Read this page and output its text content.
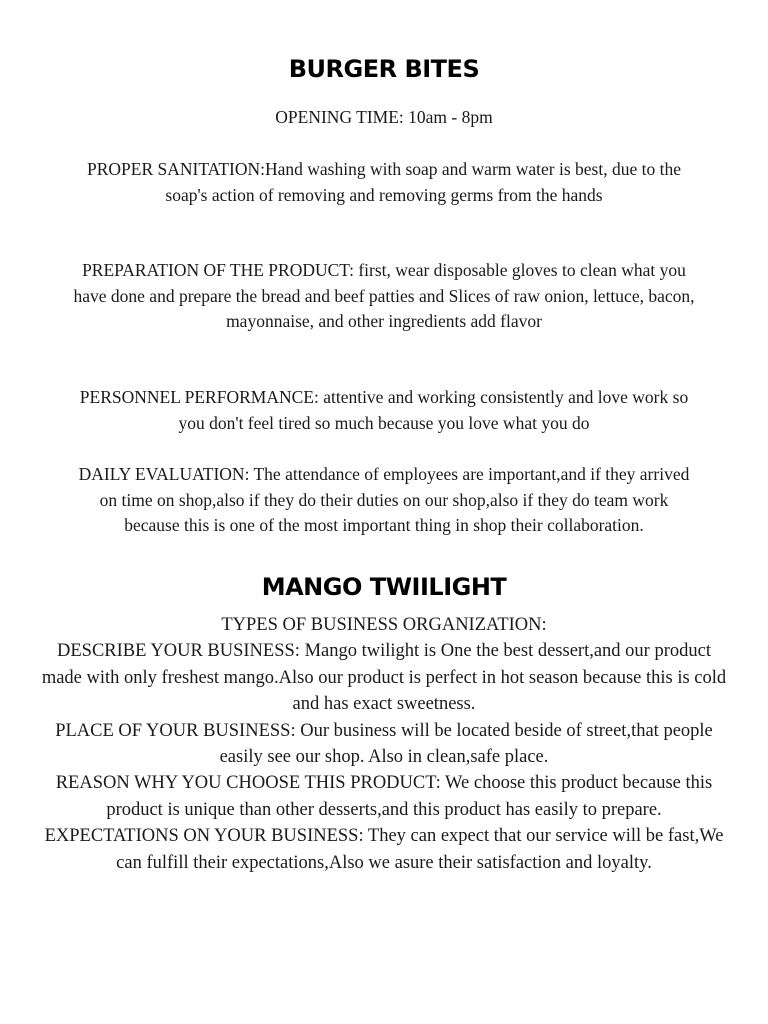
BURGER BITES

OPENING TIME: 10am - 8pm

PROPER SANITATION:Hand washing with soap and warm water is best, due to the soap's action of removing and removing germs from the hands

PREPARATION OF THE PRODUCT: first, wear disposable gloves to clean what you have done and prepare the bread and beef patties and Slices of raw onion, lettuce, bacon, mayonnaise, and other ingredients add flavor

PERSONNEL PERFORMANCE: attentive and working consistently and love work so you don't feel tired so much because you love what you do

DAILY EVALUATION: The attendance of employees are important,and if they arrived on time on shop,also if they do their duties on our shop,also if they do team work because this is one of the most important thing in shop their collaboration.

MANGO TWIILIGHT

TYPES OF BUSINESS ORGANIZATION:

DESCRIBE YOUR BUSINESS: Mango twilight is One the best dessert,and our product made with only freshest mango.Also our product is perfect in hot season because this is cold and has exact sweetness.

PLACE OF YOUR BUSINESS: Our business will be located beside of street,that people easily see our shop. Also in clean,safe place.

REASON WHY YOU CHOOSE THIS PRODUCT: We choose this product because this product is unique than other desserts,and this product has easily to prepare.

EXPECTATIONS ON YOUR BUSINESS: They can expect that our service will be fast,We can fulfill their expectations,Also we asure their satisfaction and loyalty.
